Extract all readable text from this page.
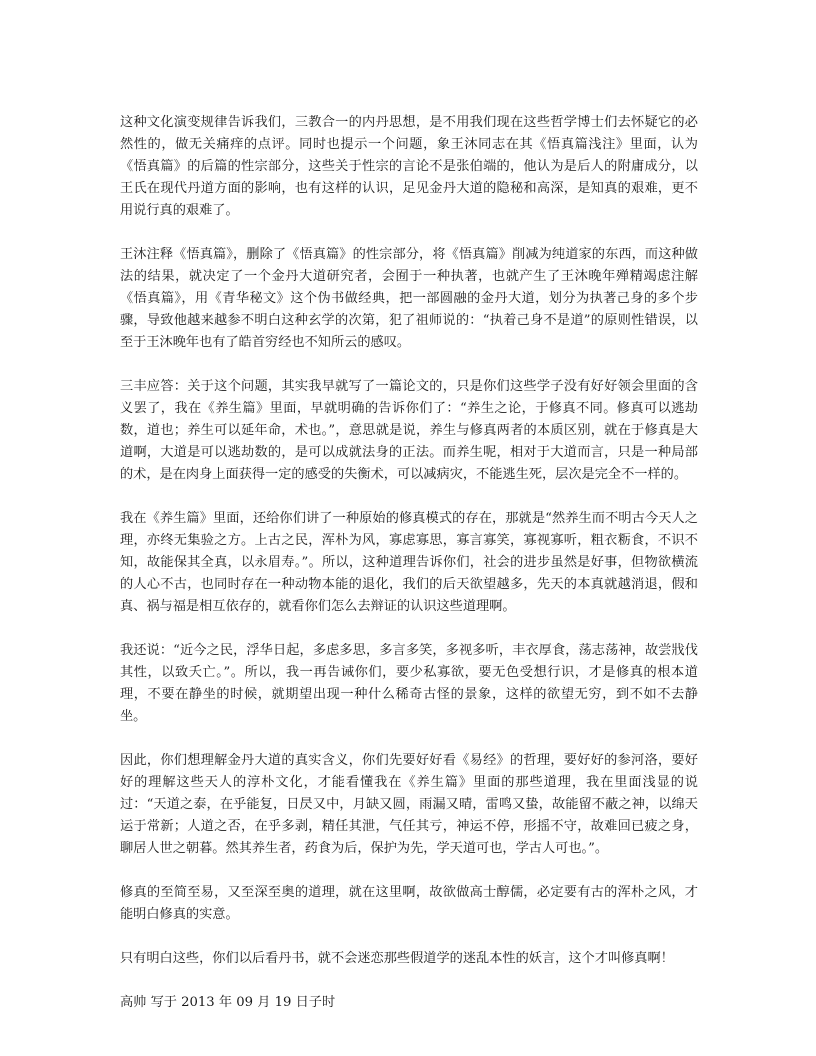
这种文化演变规律告诉我们，三教合一的内丹思想，是不用我们现在这些哲学博士们去怀疑它的必然性的，做无关痛痒的点评。同时也提示一个问题，象王沐同志在其《悟真篇浅注》里面，认为《悟真篇》的后篇的性宗部分，这些关于性宗的言论不是张伯端的，他认为是后人的附庸成分，以王氏在现代丹道方面的影响，也有这样的认识，足见金丹大道的隐秘和高深，是知真的艰难，更不用说行真的艰难了。

王沐注释《悟真篇》，删除了《悟真篇》的性宗部分，将《悟真篇》削减为纯道家的东西，而这种做法的结果，就决定了一个金丹大道研究者，会囿于一种执著，也就产生了王沐晚年殚精竭虑注解《悟真篇》，用《青华秘文》这个伪书做经典，把一部圆融的金丹大道，划分为执著己身的多个步骤，导致他越来越参不明白这种玄学的次第，犯了祖师说的：“执着己身不是道”的原则性错误，以至于王沐晚年也有了皓首穷经也不知所云的感叹。

三丰应答：关于这个问题，其实我早就写了一篇论文的，只是你们这些学子没有好好领会里面的含义罢了，我在《养生篇》里面，早就明确的告诉你们了：“养生之论，于修真不同。修真可以逃劫数，道也；养生可以延年命，术也。”，意思就是说，养生与修真两者的本质区别，就在于修真是大道啊，大道是可以逃劫数的，是可以成就法身的正法。而养生呢，相对于大道而言，只是一种局部的术，是在肉身上面获得一定的感受的失衡术，可以减病灾，不能逃生死，层次是完全不一样的。

我在《养生篇》里面，还给你们讲了一种原始的修真模式的存在，那就是“然养生而不明古今天人之理，亦终无集验之方。上古之民，浑朴为风，寡虑寡思，寡言寡笑，寡视寡听，粗衣粝食，不识不知，故能保其全真，以永眉寿。”。所以，这种道理告诉你们，社会的进步虽然是好事，但物欲横流的人心不古，也同时存在一种动物本能的退化，我们的后天欲望越多，先天的本真就越消退，假和真、祸与福是相互依存的，就看你们怎么去辩证的认识这些道理啊。

我还说：“近今之民，浮华日起，多虑多思，多言多笑，多视多听，丰衣厚食，荡志荡神，故尝戕伐其性，以致夭亡。”。所以，我一再告诫你们，要少私寡欲，要无色受想行识，才是修真的根本道理，不要在静坐的时候，就期望出现一种什么稀奇古怪的景象，这样的欲望无穷，到不如不去静坐。

因此，你们想理解金丹大道的真实含义，你们先要好好看《易经》的哲理，要好好的参河洛，要好好的理解这些天人的淳朴文化，才能看懂我在《养生篇》里面的那些道理，我在里面浅显的说过：“天道之泰，在乎能复，日昃又中，月缺又圆，雨漏又晴，雷鸣又蛰，故能留不蔽之神，以绵天运于常新；人道之否，在乎多剥，精任其泄，气任其亏，神运不停，形摇不守，故难回已疲之身，聊居人世之朝暮。然其养生者，药食为后，保护为先，学天道可也，学古人可也。”。

修真的至简至易，又至深至奥的道理，就在这里啊，故欲做高士醇儒，必定要有古的浑朴之风，才能明白修真的实意。

只有明白这些，你们以后看丹书，就不会迷恋那些假道学的迷乱本性的妖言，这个才叫修真啊！

高帅 写于 2013 年 09 月 19 日子时
